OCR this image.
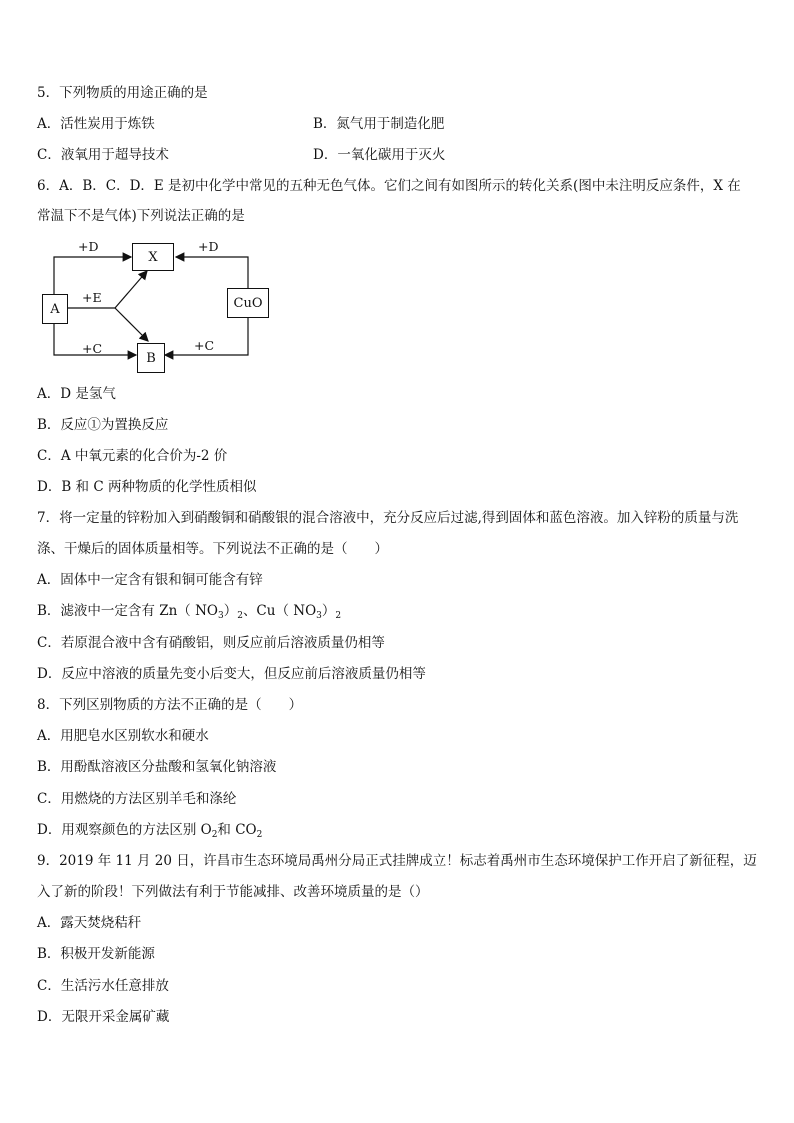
5．下列物质的用途正确的是
A．活性炭用于炼铁	B．氮气用于制造化肥
C．液氧用于超导技术	D．一氧化碳用于灭火
6．A．B．C．D．E 是初中化学中常见的五种无色气体。它们之间有如图所示的转化关系(图中未注明反应条件，X 在
常温下不是气体)下列说法正确的是
X
A
B
CuO
+D	+D
+E
+C	+C
A．D 是氢气
B．反应①为置换反应
C．A 中氧元素的化合价为-2 价
D．B 和 C 两种物质的化学性质相似
7．将一定量的锌粉加入到硝酸铜和硝酸银的混合溶液中，充分反应后过滤,得到固体和蓝色溶液。加入锌粉的质量与洗
涤、干燥后的固体质量相等。下列说法不正确的是（　　）
A．固体中一定含有银和铜可能含有锌
B．滤液中一定含有 Zn（ $NO_3)_2$、Cu（ $NO_3)_2$
C．若原混合液中含有硝酸铝，则反应前后溶液质量仍相等
D．反应中溶液的质量先变小后变大，但反应前后溶液质量仍相等
8．下列区别物质的方法不正确的是（　　）
A．用肥皂水区别软水和硬水
B．用酚酞溶液区分盐酸和氢氧化钠溶液
C．用燃烧的方法区别羊毛和涤纶
D．用观察颜色的方法区别 $O_2$和 $CO_2$
9．2019 年 11 月 20 日，许昌市生态环境局禹州分局正式挂牌成立！标志着禹州市生态环境保护工作开启了新征程，迈
入了新的阶段！下列做法有利于节能减排、改善环境质量的是（）
A．露天焚烧秸秆
B．积极开发新能源
C．生活污水任意排放
D．无限开采金属矿藏
